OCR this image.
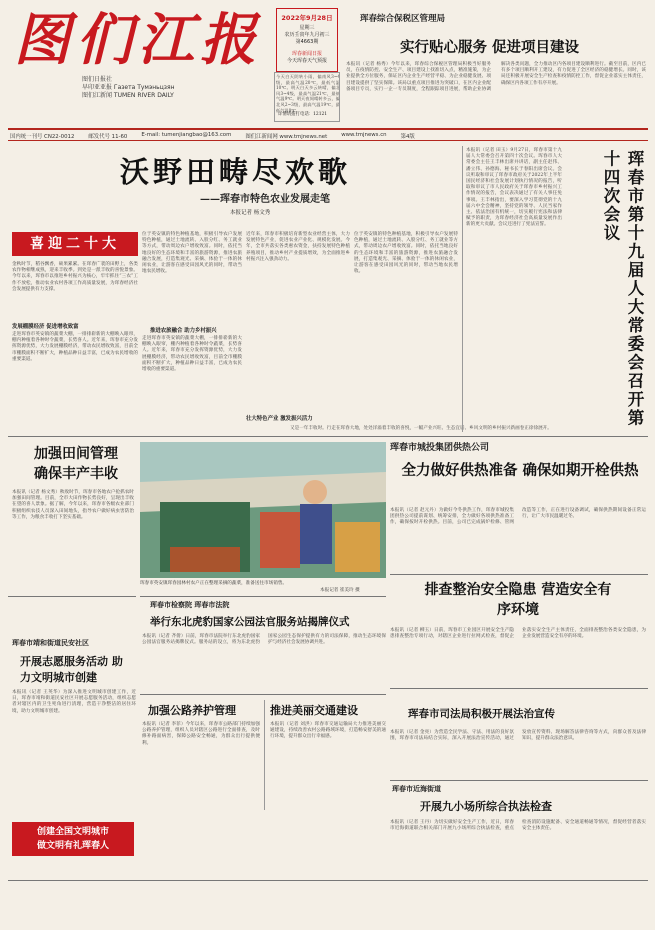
图们江报
图们日报社
早印亚亚报 Газета Тумэньцзян
图们江新闻 TUMEN RIVER DAILY
2022年9月28日
星期三
农历壬寅年九月初三
第4663期
珲春新闻日报
今天珲春天气预报
今天白天阴转小雨，偏南风3~4级，最高气温20℃，最低气温10℃。明天白天多云转晴，偏北风3~4级，最高气温21℃，最低气温9℃。明天夜间晴转多云，偏北风2~3级，最高气温19℃，最低气温8℃。
详情请拨打电话：12121
珲春综合保税区管理局
实行贴心服务 促进项目建设
本报讯（记者 杨秀）今年以来，珲春综合保税区管理局积极当好服务员，在疫情防控、安全生产、项目建设上找准切入点，精准施策，为企业提供全方位服务，保证区内企业生产经营平稳、为企业稳健发展、项目建设提供了坚实保障。该局以重点项目推进为突破口，在区内企业配备项目专员，实行一企一专员制度，全程跟踪项目进展，帮助企业协调解决各类问题，全力推动区内各项目建设顺利进行。截至目前，区内已有多个项目顺利开工建设，有力促进了全区经济的稳健增长。同时，该局还积极开展安全生产检查和疫情防控工作，督促企业落实主体责任，确保区内各项工作有序开展。
国内统一刊号 CN22-0012	邮发代号 11-60	E-mail: tumenjiangbao@163.com	图们江新闻网 www.tmjnews.net	www.tmjnews.cn	第4版
沃野田畴尽欢歌
——珲春市特色农业发展走笔
本报记者 杨文秀
喜迎二十大
金秋时节，稻谷飘香，硕果累累。在珲春广袤的田野上，各类农作物相继成熟，迎来丰收季。到处是一派丰收的喜悦景象。今年以来，珲春市以推进乡村振兴为核心，牢牢抓住“三农”工作不放松，推动农业农村各项工作高质量发展，为珲春经济社会发展提供有力支撑。
发展棚膜经济 促进增收致富
走进珲春市英安镇的蔬菜大棚，一排排崭新的大棚映入眼帘，棚内种植着各种时令蔬菜，长势喜人。近年来，珲春市充分发挥资源优势，大力发展棚膜经济，带动农民增收致富，目前全市棚膜面积不断扩大，种植品种日益丰富，已成为农民增收的重要渠道。
位于英安镇的特色种植基地，积极引导农户发展特色种植，通过土地流转、入股分红、务工就业等方式，带动周边农户增收致富。同时，依托当地良好的生态环境和丰富的旅游资源，推进农旅融合发展，打造集观光、采摘、体验于一体的休闲农业，让游客在感受田园风光的同时，带动当地农民增收。
推进农旅融合 助力乡村振兴
走进珲春市英安镇的蔬菜大棚，一排排崭新的大棚映入眼帘，棚内种植着各种时令蔬菜，长势喜人。近年来，珲春市充分发挥资源优势，大力发展棚膜经济，带动农民增收致富，目前全市棚膜面积不断扩大，种植品种日益丰富，已成为农民增收的重要渠道。
近年来，珲春市积极培育新型农业经营主体，大力发展特色产业，促进农业产业化、规模化发展。今年，全市共落实各类惠农资金，扶持发展特色种植养殖项目，推动乡村产业提质增效，为全面推进乡村振兴注入强劲动力。
壮大特色产业 激发振兴活力
又是一年丰收时。行走在珲春大地，处处洋溢着丰收的喜悦，一幅产业兴旺、生态宜居、乡风文明的乡村振兴新画卷正徐徐展开。
位于英安镇的特色种植基地，积极引导农户发展特色种植，通过土地流转、入股分红、务工就业等方式，带动周边农户增收致富。同时，依托当地良好的生态环境和丰富的旅游资源，推进农旅融合发展，打造集观光、采摘、体验于一体的休闲农业，让游客在感受田园风光的同时，带动当地农民增收。
本报讯（记者 田玉）9月27日，珲春市第十九届人大常委会召开第四十次会议。珲春市人大常委会主任王丰林出席并讲话，副主任赵伟、潘立伟、孙德海、秘书长于春阳出席会议。会议听取和审议了珲春市政府关于2022年上半年国民经济和社会发展计划执行情况的报告，听取和审议了市人民政府关于珲春市乡村振兴工作情况的报告，会议表决通过了有关人事任免事项。王丰林指出，要深入学习贯彻党的十九届六中全会精神，坚持党的领导、人民当家作主、依法治国有机统一，切实履行宪法和法律赋予的职责，为珲春经济社会高质量发展作出新的更大贡献。会议还进行了宪法宣誓。	珲春市第十九届人大常委会召开第十四次会议
珲春市城投集团供热公司
全力做好供热准备 确保如期开栓供热
本报讯（记者 赵元丹）为做好今冬供热工作，珲春市城投集团供热公司提前谋划、统筹安排，全力做好各项供热准备工作，确保按时开栓供热。目前，公司已完成锅炉检修、管网改造等工作，正在进行设备调试，确保供热期间设备正常运行，让广大市民温暖过冬。
加强田间管理 确保丰产丰收
本报讯（记者 杨文秀）秋收时节，珲春市各地农户抢抓农时加强田间管理。目前，全市大田作物长势良好，呈现出丰收在望的喜人景象。据了解，今年以来，珲春市各级农业部门积极组织农技人员深入田间地头，指导农户做好病虫害防治等工作，为粮食丰收打下坚实基础。
珲春市英安镇珲春园林村农户正在整理采摘的蔬菜，准备送往市场销售。
本报记者 崔美玲 摄	排查整治安全隐患 营造安全有序环境
本报讯（记者 柳玉）日前，珲春市工业园区开展安全生产隐患排查整治专项行动，对辖区企业进行拉网式检查，督促企业落实安全生产主体责任，全面排查整治各类安全隐患，为企业发展营造安全有序的环境。
珲春市检察院 珲春市法院
举行东北虎豹国家公园法官服务站揭牌仪式
本报讯（记者 齐倩）日前，珲春市法院举行东北虎豹国家公园法官服务站揭牌仪式。服务站的设立，将为东北虎豹国家公园生态保护提供有力的司法保障，推动生态环境保护与经济社会发展协调共进。
珲春市靖和街道民安社区
开展志愿服务活动 助力文明城市创建
本报讯（记者 王英华）为深入推进文明城市创建工作，近日，珲春市靖和街道民安社区开展志愿服务活动，组织志愿者对辖区内的卫生死角进行清理，营造干净整洁的居住环境，助力文明城市创建。	珲春市司法局积极开展法治宣传
本报讯（记者 金亮）为营造全民学法、守法、用法的良好氛围，珲春市司法局结合实际，深入开展法治宣传活动，通过发放宣传资料、现场解答法律咨询等方式，向群众普及法律知识，提升群众法治意识。
加强公路养护管理
本报讯（记者 李菲）今年以来，珲春市公路部门持续加强公路养护管理，组织人员对辖区公路进行全面排查，及时修补路面病害，保障公路安全畅通，为群众出行提供便利。
推进美丽交通建设
本报讯（记者 刘洪）珲春市交通运输局大力推进美丽交通建设，持续改善农村公路路域环境，打造畅安舒美的通行环境，提升群众出行幸福感。
珲春市近海街道
开展九小场所综合执法检查
本报讯（记者 王丹）为切实做好安全生产工作，近日，珲春市近海街道联合相关部门开展九小场所综合执法检查，重点检查消防设施配备、安全通道畅通等情况，督促经营者落实安全主体责任。
创建全国文明城市
做文明有礼珲春人
